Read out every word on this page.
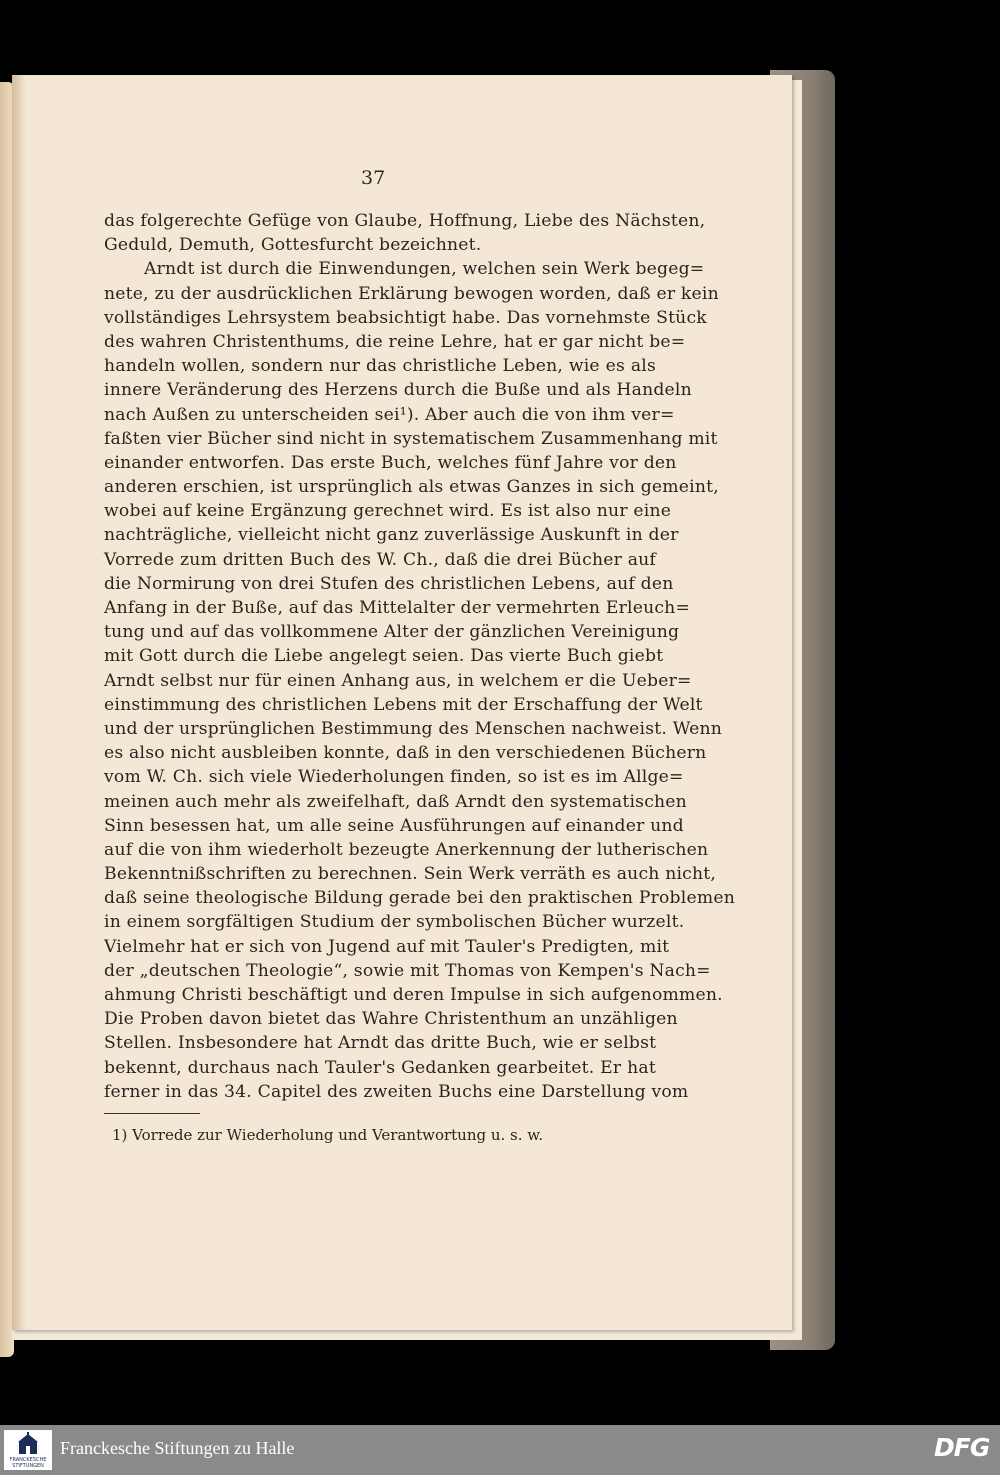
37
das folgerechte Gefüge von Glaube, Hoffnung, Liebe des Nächsten,
Geduld, Demuth, Gottesfurcht bezeichnet.
Arndt ist durch die Einwendungen, welchen sein Werk begeg=
nete, zu der ausdrücklichen Erklärung bewogen worden, daß er kein
vollständiges Lehrsystem beabsichtigt habe. Das vornehmste Stück
des wahren Christenthums, die reine Lehre, hat er gar nicht be=
handeln wollen, sondern nur das christliche Leben, wie es als
innere Veränderung des Herzens durch die Buße und als Handeln
nach Außen zu unterscheiden sei¹). Aber auch die von ihm ver=
faßten vier Bücher sind nicht in systematischem Zusammenhang mit
einander entworfen. Das erste Buch, welches fünf Jahre vor den
anderen erschien, ist ursprünglich als etwas Ganzes in sich gemeint,
wobei auf keine Ergänzung gerechnet wird. Es ist also nur eine
nachträgliche, vielleicht nicht ganz zuverlässige Auskunft in der
Vorrede zum dritten Buch des W. Ch., daß die drei Bücher auf
die Normirung von drei Stufen des christlichen Lebens, auf den
Anfang in der Buße, auf das Mittelalter der vermehrten Erleuch=
tung und auf das vollkommene Alter der gänzlichen Vereinigung
mit Gott durch die Liebe angelegt seien. Das vierte Buch giebt
Arndt selbst nur für einen Anhang aus, in welchem er die Ueber=
einstimmung des christlichen Lebens mit der Erschaffung der Welt
und der ursprünglichen Bestimmung des Menschen nachweist. Wenn
es also nicht ausbleiben konnte, daß in den verschiedenen Büchern
vom W. Ch. sich viele Wiederholungen finden, so ist es im Allge=
meinen auch mehr als zweifelhaft, daß Arndt den systematischen
Sinn besessen hat, um alle seine Ausführungen auf einander und
auf die von ihm wiederholt bezeugte Anerkennung der lutherischen
Bekenntnißschriften zu berechnen. Sein Werk verräth es auch nicht,
daß seine theologische Bildung gerade bei den praktischen Problemen
in einem sorgfältigen Studium der symbolischen Bücher wurzelt.
Vielmehr hat er sich von Jugend auf mit Tauler's Predigten, mit
der „deutschen Theologie“, sowie mit Thomas von Kempen's Nach=
ahmung Christi beschäftigt und deren Impulse in sich aufgenommen.
Die Proben davon bietet das Wahre Christenthum an unzähligen
Stellen. Insbesondere hat Arndt das dritte Buch, wie er selbst
bekennt, durchaus nach Tauler's Gedanken gearbeitet. Er hat
ferner in das 34. Capitel des zweiten Buchs eine Darstellung vom
1) Vorrede zur Wiederholung und Verantwortung u. s. w.
FRANCKESCHE STIFTUNGEN
Franckesche Stiftungen zu Halle	DFG
